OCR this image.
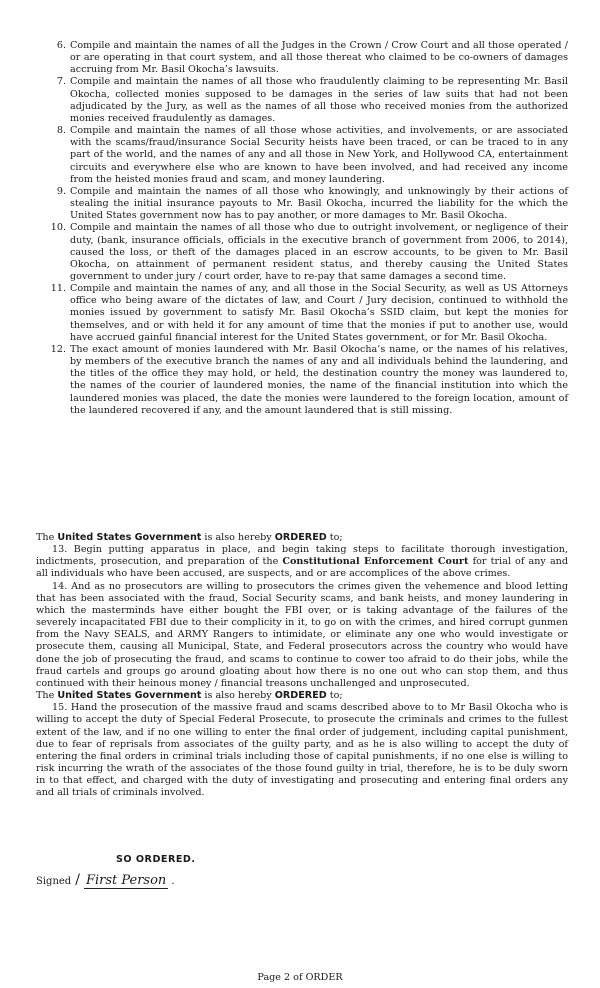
6. Compile and maintain the names of all the Judges in the Crown / Crow Court and all those operated / or are operating in that court system, and all those thereat who claimed to be co-owners of damages accruing from Mr. Basil Okocha’s lawsuits.
7. Compile and maintain the names of all those who fraudulently claiming to be representing Mr. Basil Okocha, collected monies supposed to be damages in the series of law suits that had not been adjudicated by the Jury, as well as the names of all those who received monies from the authorized monies received fraudulently as damages.
8. Compile and maintain the names of all those whose activities, and involvements, or are associated with the scams/fraud/insurance Social Security heists have been traced, or can be traced to in any part of the world, and the names of any and all those in New York, and Hollywood CA, entertainment circuits and everywhere else who are known to have been involved, and had received any income from the heisted monies fraud and scam, and money laundering.
9. Compile and maintain the names of all those who knowingly, and unknowingly by their actions of stealing the initial insurance payouts to Mr. Basil Okocha, incurred the liability for the which the United States government now has to pay another, or more damages to Mr. Basil Okocha.
10. Compile and maintain the names of all those who due to outright involvement, or negligence of their duty, (bank, insurance officials, officials in the executive branch of government from 2006, to 2014), caused the loss, or theft of the damages placed in an escrow accounts, to be given to Mr. Basil Okocha, on attainment of permanent resident status, and thereby causing the United States government to under jury / court order, have to re-pay that same damages a second time.
11. Compile and maintain the names of any, and all those in the Social Security, as well as US Attorneys office who being aware of the dictates of law, and Court / Jury decision, continued to withhold the monies issued by government to satisfy Mr. Basil Okocha’s SSID claim, but kept the monies for themselves, and or with held it for any amount of time that the monies if put to another use, would have accrued gainful financial interest for the United States government, or for Mr. Basil Okocha.
12. The exact amount of monies laundered with Mr. Basil Okocha’s name, or the names of his relatives, by members of the executive branch the names of any and all individuals behind the laundering, and the titles of the office they may hold, or held, the destination country the money was laundered to, the names of the courier of laundered monies, the name of the financial institution into which the laundered monies was placed, the date the monies were laundered to the foreign location, amount of the laundered recovered if any, and the amount laundered that is still missing.

The United States Government is also hereby ORDERED to;

13. Begin putting apparatus in place, and begin taking steps to facilitate thorough investigation, indictments, prosecution, and preparation of the Constitutional Enforcement Court for trial of any and all individuals who have been accused, are suspects, and or are accomplices of the above crimes.

14. And as no prosecutors are willing to prosecutors the crimes given the vehemence and blood letting that has been associated with the fraud, Social Security scams, and bank heists, and money laundering in which the masterminds have either bought the FBI over, or is taking advantage of the failures of the severely incapacitated FBI due to their complicity in it, to go on with the crimes, and hired corrupt gunmen from the Navy SEALS, and ARMY Rangers to intimidate, or eliminate any one who would investigate or prosecute them, causing all Municipal, State, and Federal prosecutors across the country who would have done the job of prosecuting the fraud, and scams to continue to cower too afraid to do their jobs, while the fraud cartels and groups go around gloating about how there is no one out who can stop them, and thus continued with their heinous money / financial treasons unchallenged and unprosecuted.

The United States Government is also hereby ORDERED to;

15. Hand the prosecution of the massive fraud and scams described above to to Mr Basil Okocha who is willing to accept the duty of Special Federal Prosecute, to prosecute the criminals and crimes to the fullest extent of the law, and if no one willing to enter the final order of judgement, including capital punishment, due to fear of reprisals from associates of the guilty party, and as he is also willing to accept the duty of entering the final orders in criminal trials including those of capital punishments, if no one else is willing to risk incurring the wrath of the associates of the those found guilty in trial, therefore, he is to be duly sworn in to that effect, and charged with the duty of investigating and prosecuting and entering final orders any and all trials of criminals involved.

SO ORDERED.
Signed / First Person .
Page 2 of ORDER
